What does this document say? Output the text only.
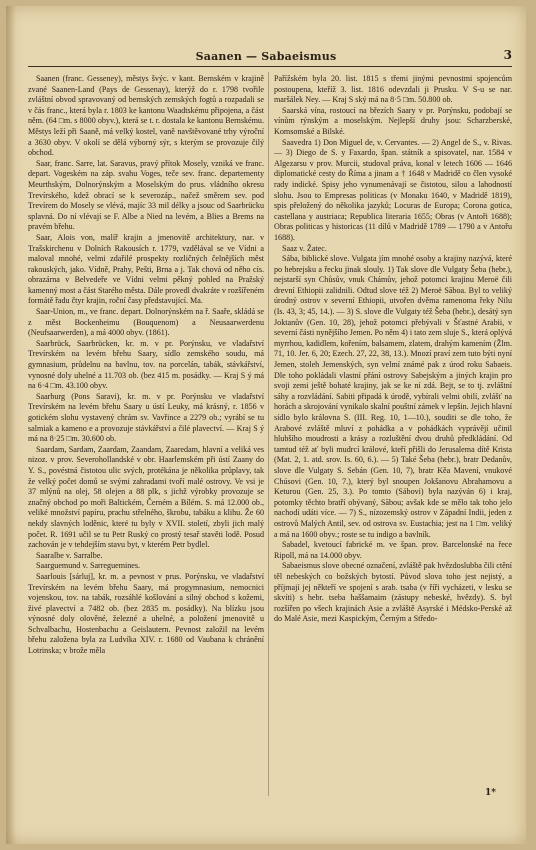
Saanen — Sabaeismus	3

Saanen (franc. Gesseney), městys švýc. v kant. Bernském v krajině zvané Saanen-Land (Pays de Gessenay), kterýž do r. 1798 tvořile zvláštní obvod spravovaný od bernských zemských fogtů a rozpadali se v čás franc., která byla r. 1803 ke kantonu Waadtskému připojena, a část něm. (64 □m. s 8000 obyv.), která se t. r. dostala ke kantonu Bernskému. Městys leží při Saaně, má velký kostel, vaně navštěvované trhy výroční a 3630 obyv. V okolí se dělá výborný sýr, s kterým se provozuje čilý obchod.

Saar, franc. Sarre, lat. Saravus, pravý přítok Mosely, vzniká ve franc. depart. Vogeském na záp. svahu Voges, teče sev. franc. departementy Meurthským, Dolnorýnským a Moselským do prus. vládního okresu Trevírského, kdež obrací se k severozáp., načež směrem sev. pod Trevírem do Mosely se vlévá, majíc 33 mil délky a jsouc od Saarbrücku splavná. Do ní vlévají se F. Albe a Nied na levém, a Blies a Brems na pravém břehu.

Saar, Alois von, malíř krajin a jmenovitě architektury, nar. v Trašskirchenu v Dolních Rakousích r. 1779, vzdělával se ve Vídni a maloval mnohé, velmi zdařilé prospekty rozličných čelnějších měst rakouských, jako. Vídně, Prahy, Pešti, Brna a j. Tak chová od něho cís. obrazárna v Belvedeře ve Vídni velmi pěkný pohled na Pražský kamenný most a část Starého města. Dále provedl dvakráte v rozšířeném formátě řadu čtyr krajin, roční časy představující. Ma.

Saar-Union, m., ve franc. depart. Dolnorýnském na ř. Saaře, skládá se z měst Bockenheimu (Bouquenom) a Neusaarwerdenu (Neufsaarwerden), a má 4000 obyv. (1861).

Saarbrück, Saarbrücken, kr. m. v pr. Porýnsku, ve vladařství Trevírském na levém břehu Saary, sídlo zemského soudu, má gymnasium, průdelnu na bavlnu, tov. na porcelán, tabák, stávkářství, vynosné doly uhelné a 11.703 ob. (bez 415 m. posádky. — Kraj S ý má na 6·4 □m. 43.100 obyv.

Saarburg (Pons Saravi), kr. m. v pr. Porýnsku ve vladařství Trevírském na levém břehu Saary u ústí Leuky, má krásný, r. 1856 v gotickém slohu vystavený chrám sv. Vavřince a 2279 ob.; vyrábí se tu salmiak a kameno e a provozuje stávkářství a čilé plavectví. — Kraj S ý má na 8·25 □m. 30.600 ob.

Saardam, Sardam, Zaardam, Zaandam, Zaaredam, hlavní a veliká ves nizoz. v prov. Severohollandské v obr. Haarlemském při ústí Zaany do Y. S., povéstná čistotou ulic svých, protékána je několika průplavy, tak že velký počet domů se svými zahradami tvoří malé ostrovy. Ve vsi je 37 mlýnů na olej, 58 olejen a 88 plk, s jichž výrobky provozuje se značný obchod po moři Baltickém, Černém a Bílém. S. má 12.000 ob., veliké množství papíru, prachu střelného, škrobu, tabáku a klihu. Že 60 nekdy slavných loděnic, které tu byly v XVII. století, zbyli jich malý počet. R. 1691 učil se tu Petr Ruský co prostý tesař stavěti lodě. Posud zachován je v tehdejším stavu byt, v kterém Petr bydlel.

Saaralbe v. Sarralbe.

Saarguemund v. Sarreguemines.

Saarlouis [sárluj], kr. m. a pevnost v prus. Porýnsku, ve vladařství Trevírském na levém břehu Saary, má progymnasium, nemocnici vojenskou, tov. na tabák, rozsáhlé košlování a silný obchod s kožemi, živé plavectví a 7482 ob. (bez 2835 m. posádky). Na blízku jsou výnosné doly olověné, železné a uhelné, a položení jmenovitě u Schvalbachu, Hostenbachu a Geislautern. Pevnost založil na levém břehu založena byla za Ludvíka XIV. r. 1680 od Vaubana k chránění Lotrinska; v brože měla

Pařížském byla 20. list. 1815 s třemi jinými pevnostmi spojencům postoupena, kteříž 3. list. 1816 odevzdali ji Prusku. V S-u se nar. maršálek Ney. — Kraj S ský má na 8·5 □m. 50.800 ob.

Saarská vína, rostoucí na březích Saary v pr. Porýnsku, podobají se vínům rýnským a moselským. Nejlepší druhy jsou: Scharzberské, Komsomské a Bilské.

Saavedra 1) Don Miguel de, v. Cervantes. — 2) Angel de S., v. Rivas. — 3) Diego de S. y Faxardo, špan. státník a spisovatel, nar. 1584 v Algezarsu v prov. Murcii, studoval práva, konal v letech 1606 — 1646 diplomatické cesty do Říma a jinam a † 1648 v Madridě co člen vysoké rady indické. Spisy jeho vynumenávají se čistotou, silou a lahodností slohu. Jsou to Empresas politicas (v Monaku 1640, v Madridě 1819), spis přeložený do několika jazyků; Locuras de Europa; Corona gotica, castellana y austriaca; Republica literaria 1655; Obras (v Antoři 1688); Obras politicas y historicas (11 dílů v Madridě 1789 — 1790 a v Antořu 1688).

Saaz v. Žatec.

Sába, biblické slove. Vulgata jím mnohé osoby a krajiny nazývá, které po hebrejsku a řecku jinak slouly. 1) Tak slove dle Vulgaty Šeba (hebr.), nejstarší syn Chůsův, vnuk Chámův, jehož potomci krajinu Meroë čili drevní Ethiopii zalidnili. Odtud slove též 2) Meroë Sāboa. Byl to veliký úrodný ostrov v severní Ethiopii, utvořen dvěma ramenoma řeky Nilu (Is. 43, 3; 45, 14.). — 3) S. slove dle Vulgaty též Šeba (hebr.), desátý syn Joktanův (Gen. 10, 28), jehož potomci přebývali v Šťastné Arabii, v severní části nynějšího Jemen. Po něm 4) i tato zem sluje S., která oplývá myrrhou, kadidlem, kořením, balsamem, zlatem, drahým kamením (Žlm. 71, 10. Jer. 6, 20; Ezech. 27, 22, 38, 13.). Mnozí praví zem tuto býti nyní Jemen, stoleh Jemenských, syn velmí známé pak z úrod roku Sabaeis. Dle toho pokládali vlastní přání ostrovy Sabejským a jiných krajin pro svoji zemi ještě bohaté krajiny, jak se ke ní zdá. Bejt, se to tj. zvláštní sáhy a rozvládání. Sabiti připadá k úrodě, vybírali velmi obilí, zvlášť na horách a skrojování vynikalo skalní pouštní zámek v lepšin. Jejich hlavní sídlo bylo královna S. (III. Reg. 10, 1—10.), souditi se dle toho, že Arabové zvláště mluví z pohádka a v pohádkách vyprávějí učinil hlubšího moudrosti a krásy a rozluštění dvou druhů předkládání. Od tamtud též ať byli mudrcí králové, kteří přišli do Jerusalema dítě Krista (Mat. 2, 1. atd. srov. Is. 60, 6.). — 5) Také Šeba (hebr.), bratr Dedanův, slove dle Vulgaty S. Sebán (Gen. 10, 7), bratr Kěa Mavení, vnukové Chúsovi (Gen. 10, 7.), který byl snoupen Jokšanovu Abrahamovu a Keturou (Gen. 25, 3.). Po tomto (Sábovi) byla nazýván 6) i kraj, potomky těchto bratří obývaný, Sābou; avšak kde se mělo tak toho jelo nachodí udáti více. — 7) S., nízozemský ostrov v Západní Indii, jeden z ostrovů Malých Antil, sev. od ostrova sv. Eustachia; jest na 1 □m. veliký a má na 1600 obyv.; roste se tu indigo a bavlník.

Sabadel, kvetoucí fabrické m. ve špan. prov. Barcelonské na řece Ripoll, má na 14.000 obyv.

Sabaeismus slove obecné označení, zvláště pak hvězdoslubba čili ctění těl nebeských co božských bytostí. Původ slova toho jest nejistý, a příjmají jej někteří ve spojení s arab. tsaba (v říři vycházeti, v lesku se skvíti) s hebr. tseba haššamaim (zástupy nebeské, hvězdy). S. byl rozšířen po všech krajinách Asie a zvláště Asyrské i Médsko-Perské až do Malé Asie, mezi Kaspickým, Černým a Středo-

1*
